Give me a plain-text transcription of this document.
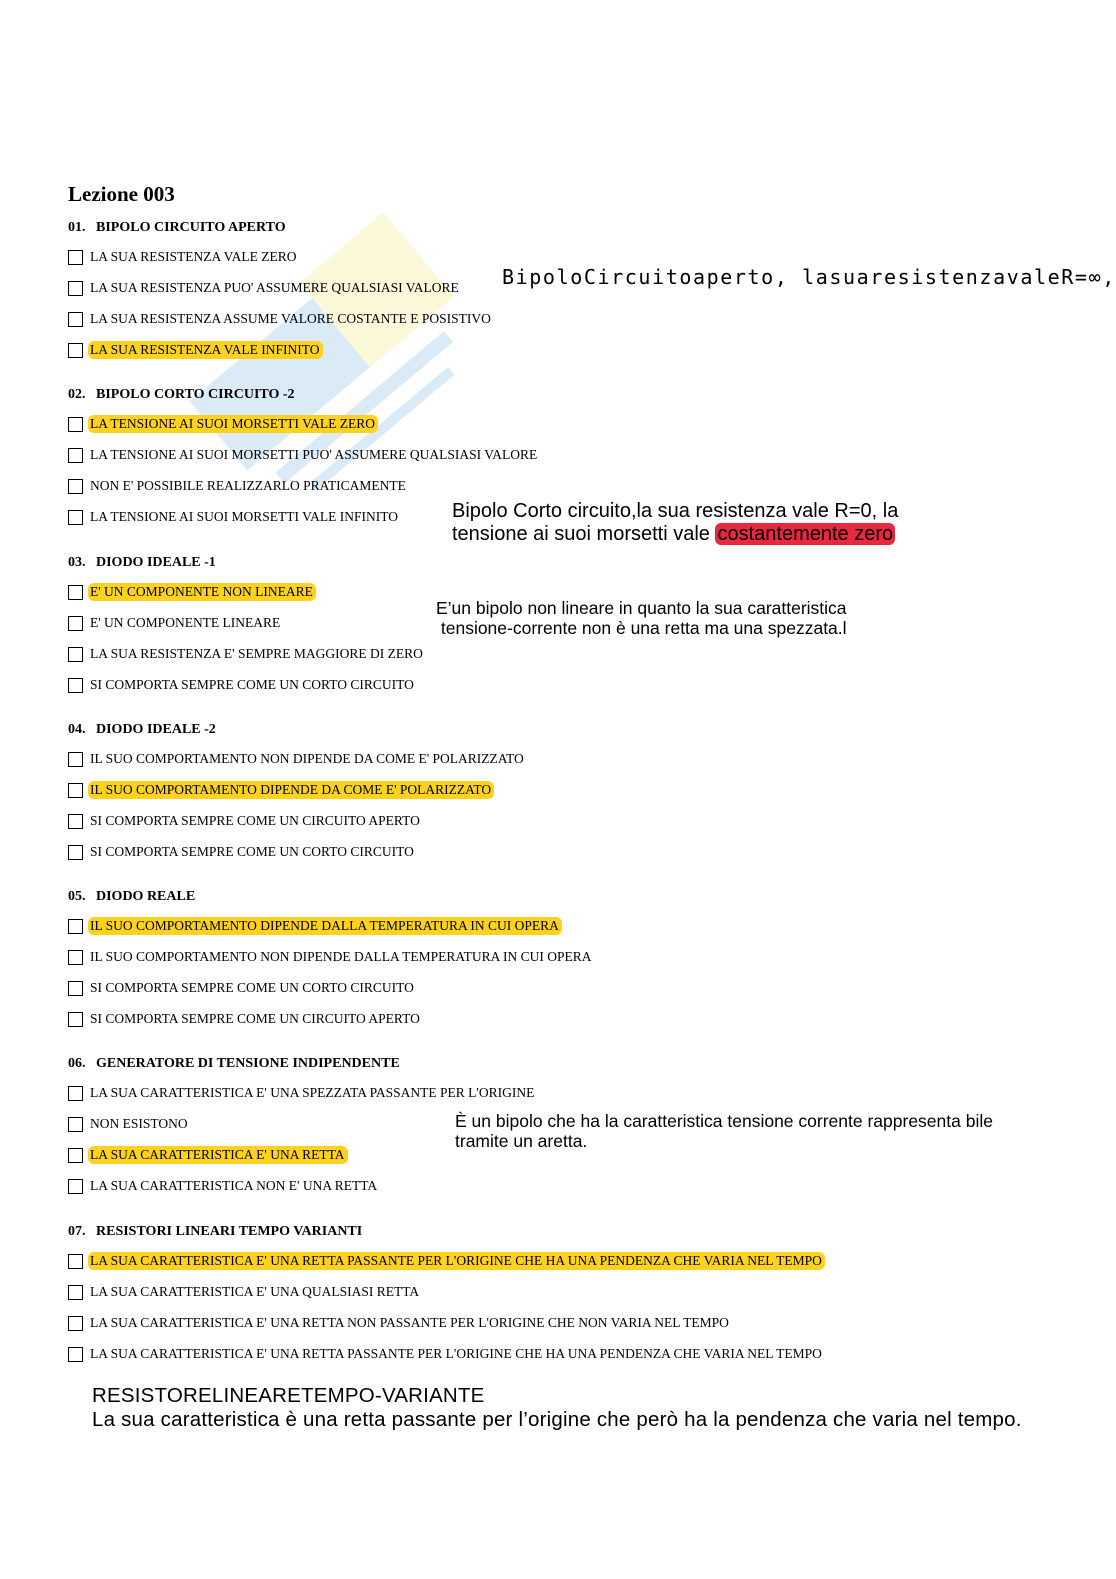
Lezione 003
01. BIPOLO CIRCUITO APERTO
LA SUA RESISTENZA VALE ZERO
LA SUA RESISTENZA PUO' ASSUMERE QUALSIASI VALORE
LA SUA RESISTENZA ASSUME VALORE COSTANTE E POSISTIVO
LA SUA RESISTENZA VALE INFINITO
02. BIPOLO CORTO CIRCUITO -2
LA TENSIONE AI SUOI MORSETTI VALE ZERO
LA TENSIONE AI SUOI MORSETTI PUO' ASSUMERE QUALSIASI VALORE
NON E' POSSIBILE REALIZZARLO PRATICAMENTE
LA TENSIONE AI SUOI MORSETTI VALE INFINITO
03. DIODO IDEALE -1
E' UN COMPONENTE NON LINEARE
E' UN COMPONENTE LINEARE
LA SUA RESISTENZA E' SEMPRE MAGGIORE DI ZERO
SI COMPORTA SEMPRE COME UN CORTO CIRCUITO
04. DIODO IDEALE -2
IL SUO COMPORTAMENTO NON DIPENDE DA COME E' POLARIZZATO
IL SUO COMPORTAMENTO DIPENDE DA COME E' POLARIZZATO
SI COMPORTA SEMPRE COME UN CIRCUITO APERTO
SI COMPORTA SEMPRE COME UN CORTO CIRCUITO
05. DIODO REALE
IL SUO COMPORTAMENTO DIPENDE DALLA TEMPERATURA IN CUI OPERA
IL SUO COMPORTAMENTO NON DIPENDE DALLA TEMPERATURA IN CUI OPERA
SI COMPORTA SEMPRE COME UN CORTO CIRCUITO
SI COMPORTA SEMPRE COME UN CIRCUITO APERTO
06. GENERATORE DI TENSIONE INDIPENDENTE
LA SUA CARATTERISTICA E' UNA SPEZZATA PASSANTE PER L'ORIGINE
NON ESISTONO
LA SUA CARATTERISTICA E' UNA RETTA
LA SUA CARATTERISTICA NON E' UNA RETTA
07. RESISTORI LINEARI TEMPO VARIANTI
LA SUA CARATTERISTICA E' UNA RETTA PASSANTE PER L'ORIGINE CHE HA UNA PENDENZA CHE VARIA NEL TEMPO
LA SUA CARATTERISTICA E' UNA QUALSIASI RETTA
LA SUA CARATTERISTICA E' UNA RETTA NON PASSANTE PER L'ORIGINE CHE NON VARIA NEL TEMPO
LA SUA CARATTERISTICA E' UNA RETTA PASSANTE PER L'ORIGINE CHE HA UNA PENDENZA CHE VARIA NEL TEMPO
BipoloCircuitoaperto, lasuaresistenzavaleR=∞,
Bipolo Corto circuito,la sua resistenza vale R=0, la
tensione ai suoi morsetti vale costantemente zero
E’un bipolo non lineare in quanto la sua caratteristica
tensione-corrente non è una retta ma una spezzata.l
È un bipolo che ha la caratteristica tensione corrente rappresenta bile
tramite un aretta.
RESISTORELINEARETEMPO-VARIANTE
La sua caratteristica è una retta passante per l’origine che però ha la pendenza che varia nel tempo.
